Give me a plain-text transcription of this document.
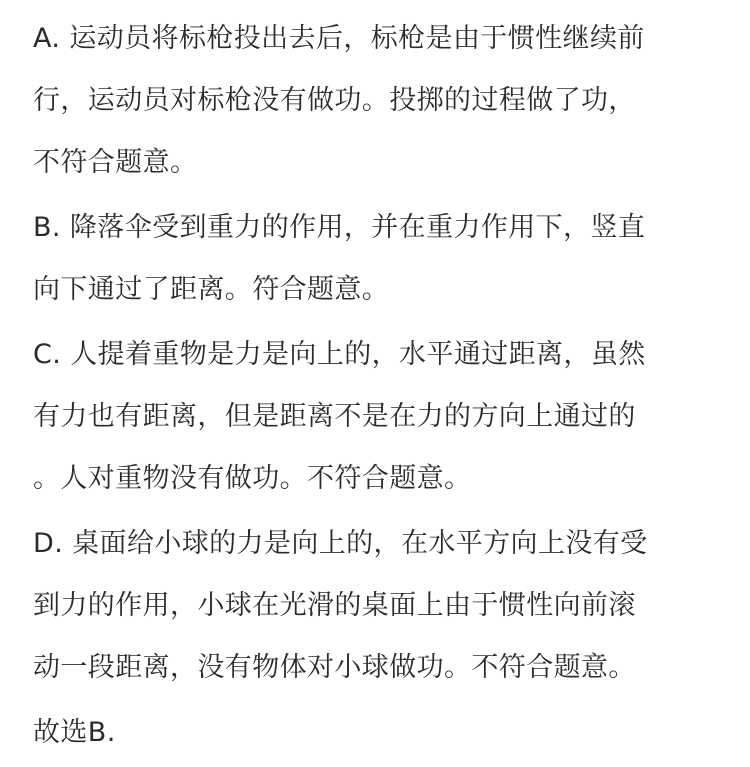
A. 运动员将标枪投出去后，标枪是由于惯性继续前
行，运动员对标枪没有做功。投掷的过程做了功，
不符合题意。
B. 降落伞受到重力的作用，并在重力作用下，竖直
向下通过了距离。符合题意。
C. 人提着重物是力是向上的，水平通过距离，虽然
有力也有距离，但是距离不是在力的方向上通过的
。人对重物没有做功。不符合题意。
D. 桌面给小球的力是向上的，在水平方向上没有受
到力的作用，小球在光滑的桌面上由于惯性向前滚
动一段距离，没有物体对小球做功。不符合题意。
故选B.
